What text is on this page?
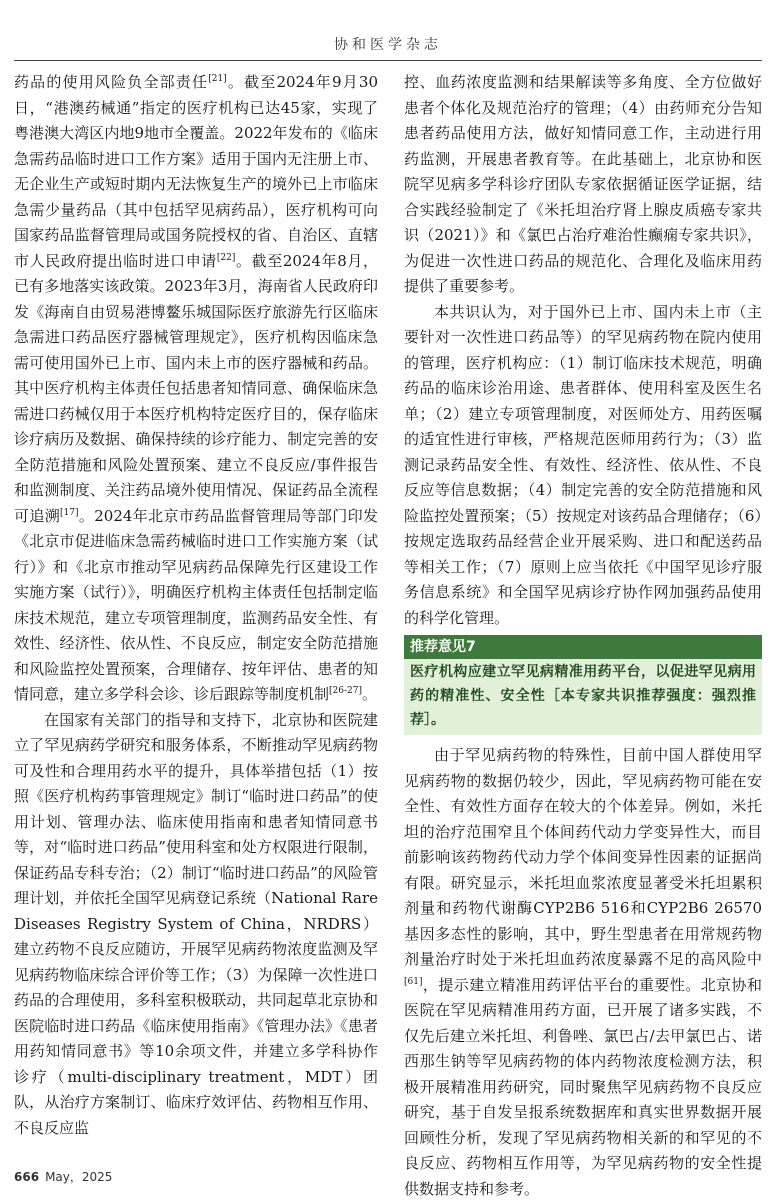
协和医学杂志

药品的使用风险负全部责任[21]。截至2024年9月30日，“港澳药械通”指定的医疗机构已达45家，实现了粤港澳大湾区内地9地市全覆盖。2022年发布的《临床急需药品临时进口工作方案》适用于国内无注册上市、无企业生产或短时期内无法恢复生产的境外已上市临床急需少量药品（其中包括罕见病药品），医疗机构可向国家药品监督管理局或国务院授权的省、自治区、直辖市人民政府提出临时进口申请[22]。截至2024年8月，已有多地落实该政策。2023年3月，海南省人民政府印发《海南自由贸易港博鳌乐城国际医疗旅游先行区临床急需进口药品医疗器械管理规定》，医疗机构因临床急需可使用国外已上市、国内未上市的医疗器械和药品。其中医疗机构主体责任包括患者知情同意、确保临床急需进口药械仅用于本医疗机构特定医疗目的，保存临床诊疗病历及数据、确保持续的诊疗能力、制定完善的安全防范措施和风险处置预案、建立不良反应/事件报告和监测制度、关注药品境外使用情况、保证药品全流程可追溯[17]。2024年北京市药品监督管理局等部门印发《北京市促进临床急需药械临时进口工作实施方案（试行）》和《北京市推动罕见病药品保障先行区建设工作实施方案（试行）》，明确医疗机构主体责任包括制定临床技术规范，建立专项管理制度，监测药品安全性、有效性、经济性、依从性、不良反应，制定安全防范措施和风险监控处置预案，合理储存、按年评估、患者的知情同意，建立多学科会诊、诊后跟踪等制度机制[26-27]。

在国家有关部门的指导和支持下，北京协和医院建立了罕见病药学研究和服务体系，不断推动罕见病药物可及性和合理用药水平的提升，具体举措包括（1）按照《医疗机构药事管理规定》制订“临时进口药品”的使用计划、管理办法、临床使用指南和患者知情同意书等，对“临时进口药品”使用科室和处方权限进行限制，保证药品专科专治；（2）制订“临时进口药品”的风险管理计划，并依托全国罕见病登记系统（National Rare Diseases Registry System of China，NRDRS）建立药物不良反应随访，开展罕见病药物浓度监测及罕见病药物临床综合评价等工作；（3）为保障一次性进口药品的合理使用，多科室积极联动，共同起草北京协和医院临时进口药品《临床使用指南》《管理办法》《患者用药知情同意书》等10余项文件，并建立多学科协作诊疗（multi-disciplinary treatment，MDT）团队，从治疗方案制订、临床疗效评估、药物相互作用、不良反应监

控、血药浓度监测和结果解读等多角度、全方位做好患者个体化及规范治疗的管理；（4）由药师充分告知患者药品使用方法，做好知情同意工作，主动进行用药监测，开展患者教育等。在此基础上，北京协和医院罕见病多学科诊疗团队专家依据循证医学证据，结合实践经验制定了《米托坦治疗肾上腺皮质癌专家共识（2021）》和《氯巴占治疗难治性癫痫专家共识》，为促进一次性进口药品的规范化、合理化及临床用药提供了重要参考。

本共识认为，对于国外已上市、国内未上市（主要针对一次性进口药品等）的罕见病药物在院内使用的管理，医疗机构应：（1）制订临床技术规范，明确药品的临床诊治用途、患者群体、使用科室及医生名单；（2）建立专项管理制度，对医师处方、用药医嘱的适宜性进行审核，严格规范医师用药行为；（3）监测记录药品安全性、有效性、经济性、依从性、不良反应等信息数据；（4）制定完善的安全防范措施和风险监控处置预案；（5）按规定对该药品合理储存；（6）按规定选取药品经营企业开展采购、进口和配送药品等相关工作；（7）原则上应当依托《中国罕见诊疗服务信息系统》和全国罕见病诊疗协作网加强药品使用的科学化管理。

推荐意见7
医疗机构应建立罕见病精准用药平台，以促进罕见病用药的精准性、安全性［本专家共识推荐强度：强烈推荐］。

由于罕见病药物的特殊性，目前中国人群使用罕见病药物的数据仍较少，因此，罕见病药物可能在安全性、有效性方面存在较大的个体差异。例如，米托坦的治疗范围窄且个体间药代动力学变异性大，而目前影响该药物药代动力学个体间变异性因素的证据尚有限。研究显示，米托坦血浆浓度显著受米托坦累积剂量和药物代谢酶CYP2B6 516和CYP2B6 26570基因多态性的影响，其中，野生型患者在用常规药物剂量治疗时处于米托坦血药浓度暴露不足的高风险中[61]，提示建立精准用药评估平台的重要性。北京协和医院在罕见病精准用药方面，已开展了诸多实践，不仅先后建立米托坦、利鲁唑、氯巴占/去甲氯巴占、诺西那生钠等罕见病药物的体内药物浓度检测方法，积极开展精准用药研究，同时聚焦罕见病药物不良反应研究，基于自发呈报系统数据库和真实世界数据开展回顾性分析，发现了罕见病药物相关新的和罕见的不良反应、药物相互作用等，为罕见病药物的安全性提供数据支持和参考。

666 May，2025
